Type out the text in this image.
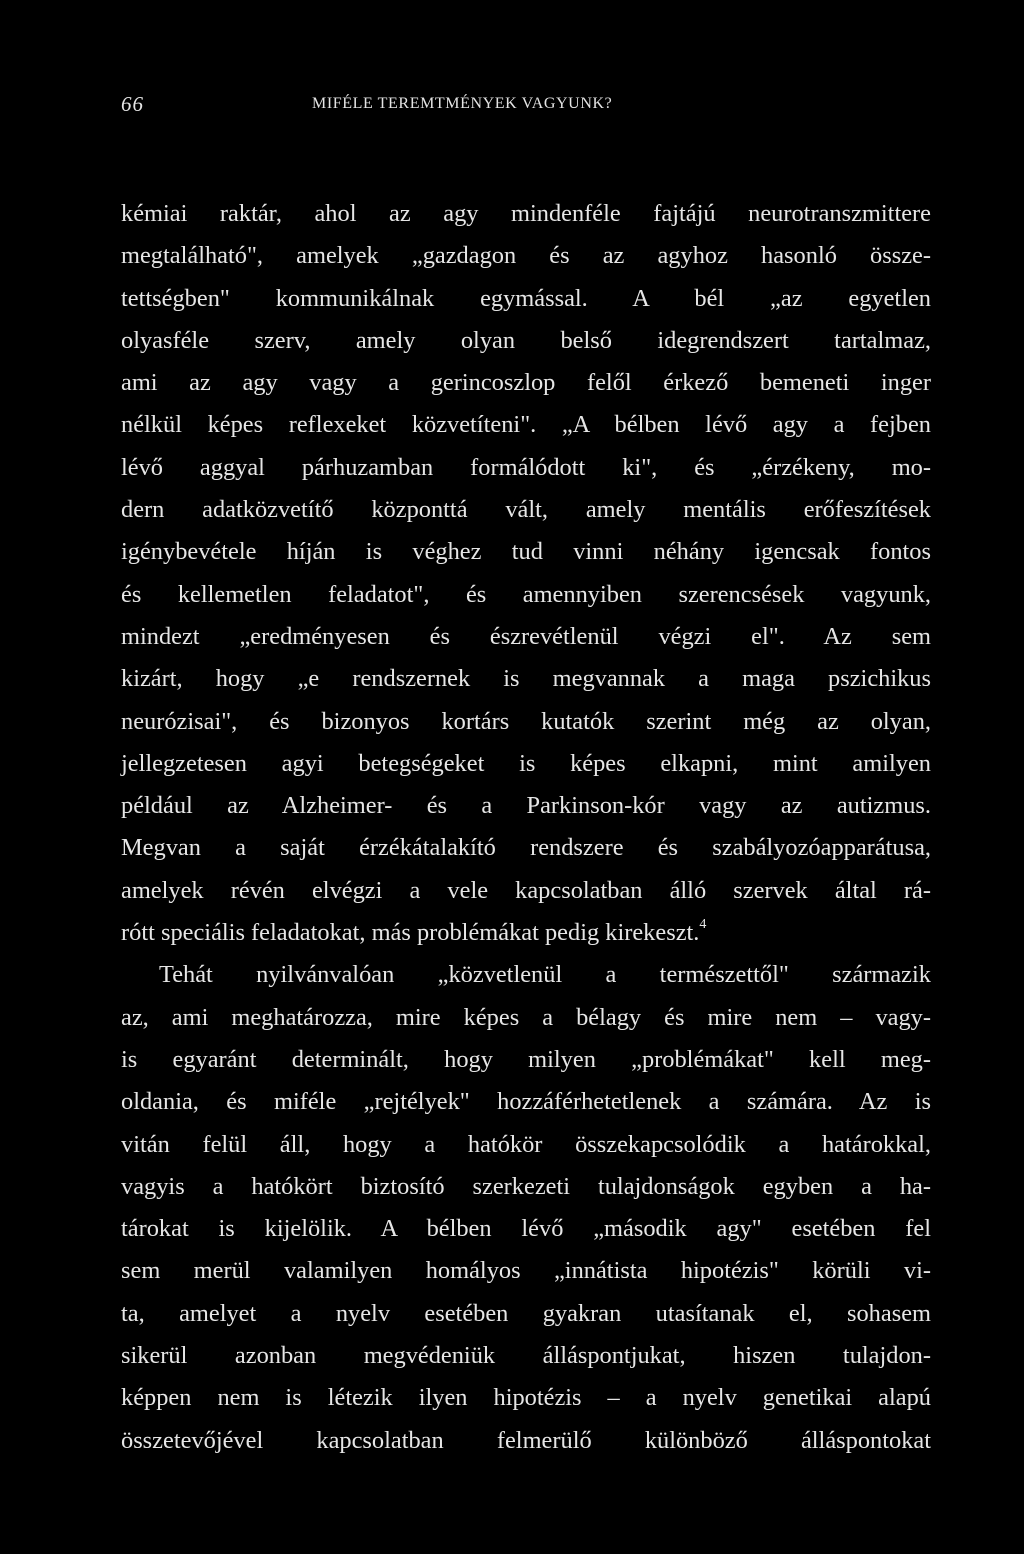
66	MIFÉLE TEREMTMÉNYEK VAGYUNK?
kémiai raktár, ahol az agy mindenféle fajtájú neurotranszmittere
megtalálható", amelyek „gazdagon és az agyhoz hasonló össze-
tettségben" kommunikálnak egymással. A bél „az egyetlen
olyasféle szerv, amely olyan belső idegrendszert tartalmaz,
ami az agy vagy a gerincoszlop felől érkező bemeneti inger
nélkül képes reflexeket közvetíteni". „A bélben lévő agy a fejben
lévő aggyal párhuzamban formálódott ki", és „érzékeny, mo-
dern adatközvetítő központtá vált, amely mentális erőfeszítések
igénybevétele híján is véghez tud vinni néhány igencsak fontos
és kellemetlen feladatot", és amennyiben szerencsések vagyunk,
mindezt „eredményesen és észrevétlenül végzi el". Az sem
kizárt, hogy „e rendszernek is megvannak a maga pszichikus
neurózisai", és bizonyos kortárs kutatók szerint még az olyan,
jellegzetesen agyi betegségeket is képes elkapni, mint amilyen
például az Alzheimer- és a Parkinson-kór vagy az autizmus.
Megvan a saját érzékátalakító rendszere és szabályozóapparátusa,
amelyek révén elvégzi a vele kapcsolatban álló szervek által rá-
rótt speciális feladatokat, más problémákat pedig kirekeszt.$^4$
Tehát nyilvánvalóan „közvetlenül a természettől" származik
az, ami meghatározza, mire képes a bélagy és mire nem – vagy-
is egyaránt determinált, hogy milyen „problémákat" kell meg-
oldania, és miféle „rejtélyek" hozzáférhetetlenek a számára. Az is
vitán felül áll, hogy a hatókör összekapcsolódik a határokkal,
vagyis a hatókört biztosító szerkezeti tulajdonságok egyben a ha-
tárokat is kijelölik. A bélben lévő „második agy" esetében fel
sem merül valamilyen homályos „innátista hipotézis" körüli vi-
ta, amelyet a nyelv esetében gyakran utasítanak el, sohasem
sikerül azonban megvédeniük álláspontjukat, hiszen tulajdon-
képpen nem is létezik ilyen hipotézis – a nyelv genetikai alapú
összetevőjével kapcsolatban felmerülő különböző álláspontokat
